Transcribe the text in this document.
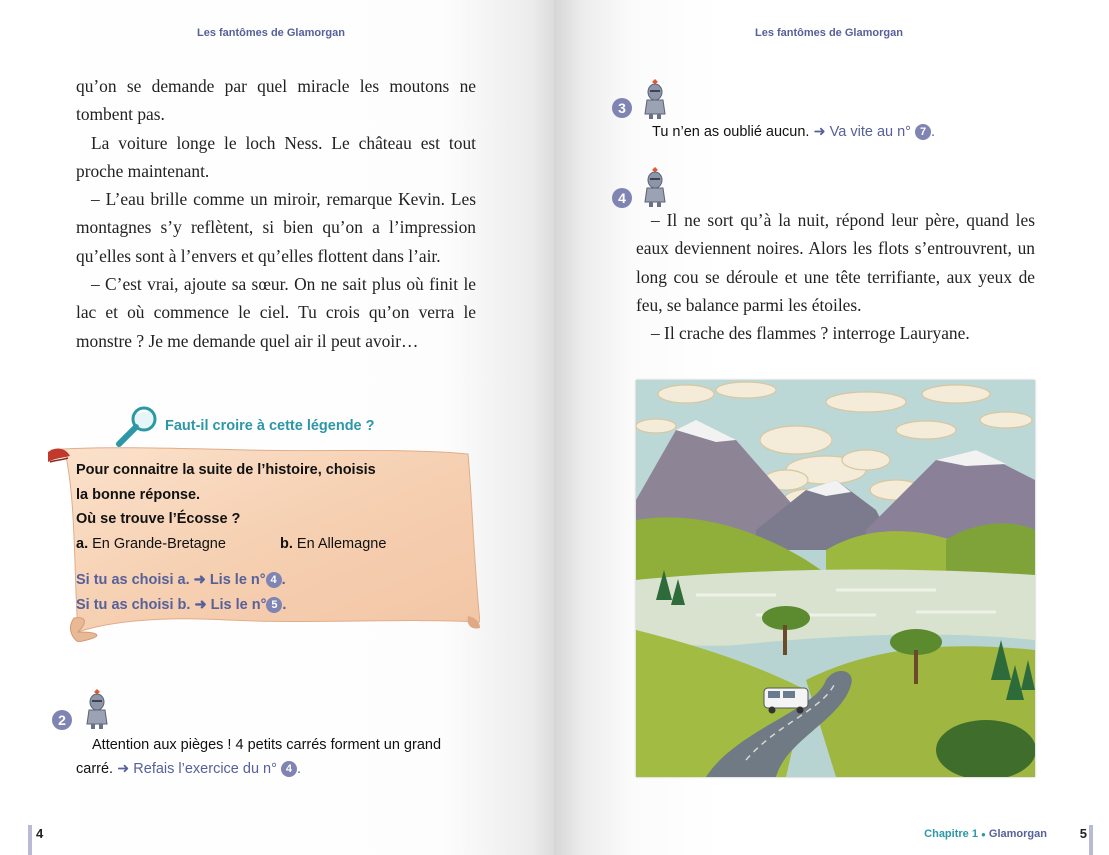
Les fantômes de Glamorgan

qu’on se demande par quel miracle les moutons ne tombent pas.

La voiture longe le loch Ness. Le château est tout proche maintenant.

– L’eau brille comme un miroir, remarque Kevin. Les montagnes s’y reflètent, si bien qu’on a l’impression qu’elles sont à l’envers et qu’elles flottent dans l’air.

– C’est vrai, ajoute sa sœur. On ne sait plus où finit le lac et où commence le ciel. Tu crois qu’on verra le monstre ? Je me demande quel air il peut avoir…

Faut-il croire à cette légende ?
Pour connaitre la suite de l’histoire, choisis
la bonne réponse.
Où se trouve l’Écosse ?
a. En Grande-Bretagne	b. En Allemagne
Si tu as choisi a. ➜ Lis le n° 4 .
Si tu as choisi b. ➜ Lis le n° 5 .
2
Attention aux pièges ! 4 petits carrés forment un grand
carré. ➜ Refais l’exercice du n° 4 .
4
Les fantômes de Glamorgan
3
Tu n’en as oublié aucun. ➜ Va vite au n° 7 .
4

– Il ne sort qu’à la nuit, répond leur père, quand les eaux deviennent noires. Alors les flots s’entrouvrent, un long cou se déroule et une tête terrifiante, aux yeux de feu, se balance parmi les étoiles.

– Il crache des flammes ? interroge Lauryane.

Chapitre 1 ● Glamorgan	5
